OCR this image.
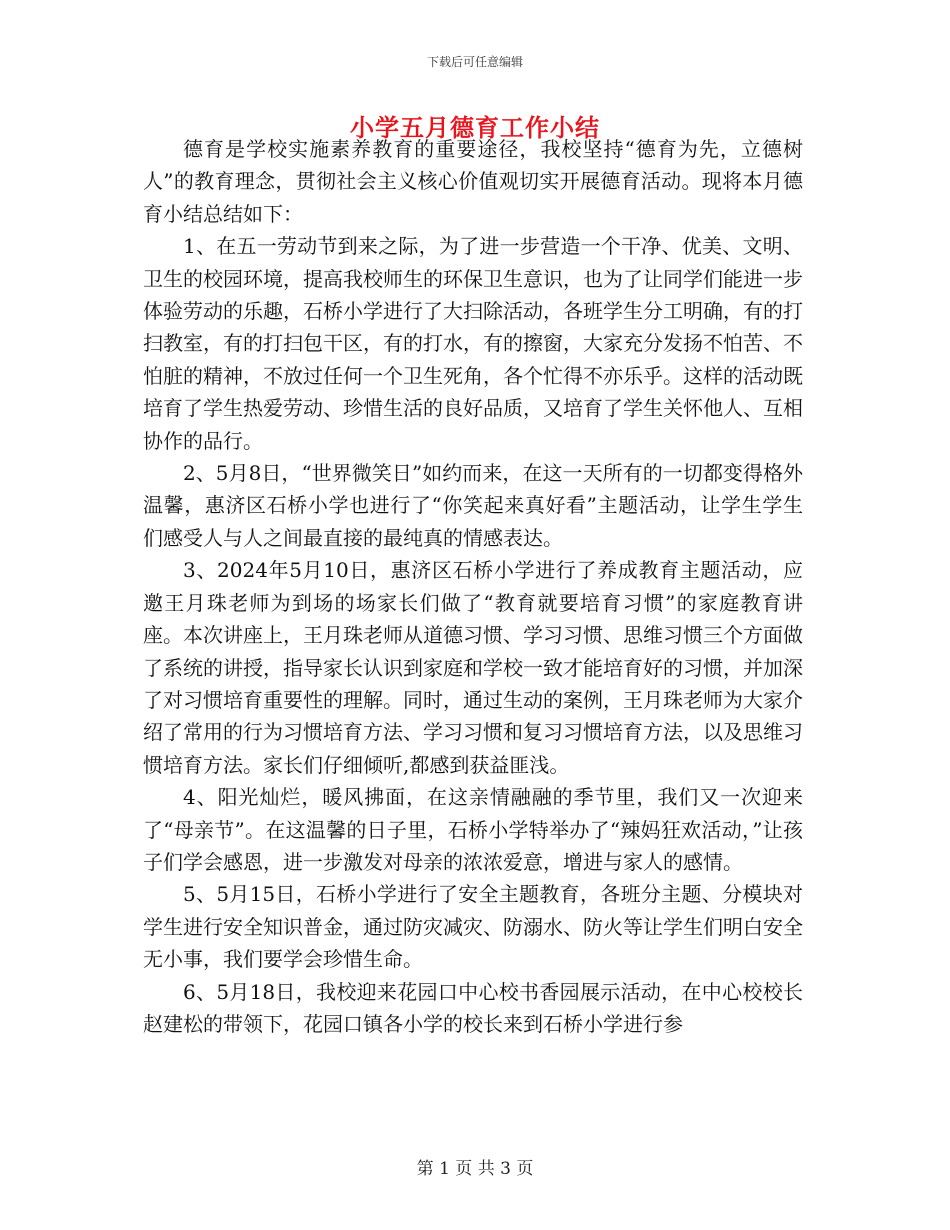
下载后可任意编辑
小学五月德育工作小结

德育是学校实施素养教育的重要途径，我校坚持“德育为先，立德树人”的教育理念，贯彻社会主义核心价值观切实开展德育活动。现将本月德育小结总结如下：

1、在五一劳动节到来之际，为了进一步营造一个干净、优美、文明、卫生的校园环境，提高我校师生的环保卫生意识，也为了让同学们能进一步体验劳动的乐趣，石桥小学进行了大扫除活动，各班学生分工明确，有的打扫教室，有的打扫包干区，有的打水，有的擦窗，大家充分发扬不怕苦、不怕脏的精神，不放过任何一个卫生死角，各个忙得不亦乐乎。这样的活动既培育了学生热爱劳动、珍惜生活的良好品质，又培育了学生关怀他人、互相协作的品行。

2、5月8日，“世界微笑日”如约而来，在这一天所有的一切都变得格外温馨，惠济区石桥小学也进行了“你笑起来真好看”主题活动，让学生学生们感受人与人之间最直接的最纯真的情感表达。

3、2024年5月10日，惠济区石桥小学进行了养成教育主题活动，应邀王月珠老师为到场的场家长们做了“教育就要培育习惯”的家庭教育讲座。本次讲座上，王月珠老师从道德习惯、学习习惯、思维习惯三个方面做了系统的讲授，指导家长认识到家庭和学校一致才能培育好的习惯，并加深了对习惯培育重要性的理解。同时，通过生动的案例，王月珠老师为大家介绍了常用的行为习惯培育方法、学习习惯和复习习惯培育方法，以及思维习惯培育方法。家长们仔细倾听,都感到获益匪浅。

4、阳光灿烂，暖风拂面，在这亲情融融的季节里，我们又一次迎来了“母亲节”。在这温馨的日子里，石桥小学特举办了“辣妈狂欢活动，”让孩子们学会感恩，进一步激发对母亲的浓浓爱意，增进与家人的感情。

5、5月15日，石桥小学进行了安全主题教育，各班分主题、分模块对学生进行安全知识普金，通过防灾减灾、防溺水、防火等让学生们明白安全无小事，我们要学会珍惜生命。

6、5月18日，我校迎来花园口中心校书香园展示活动，在中心校校长赵建松的带领下，花园口镇各小学的校长来到石桥小学进行参

第 1 页 共 3 页
